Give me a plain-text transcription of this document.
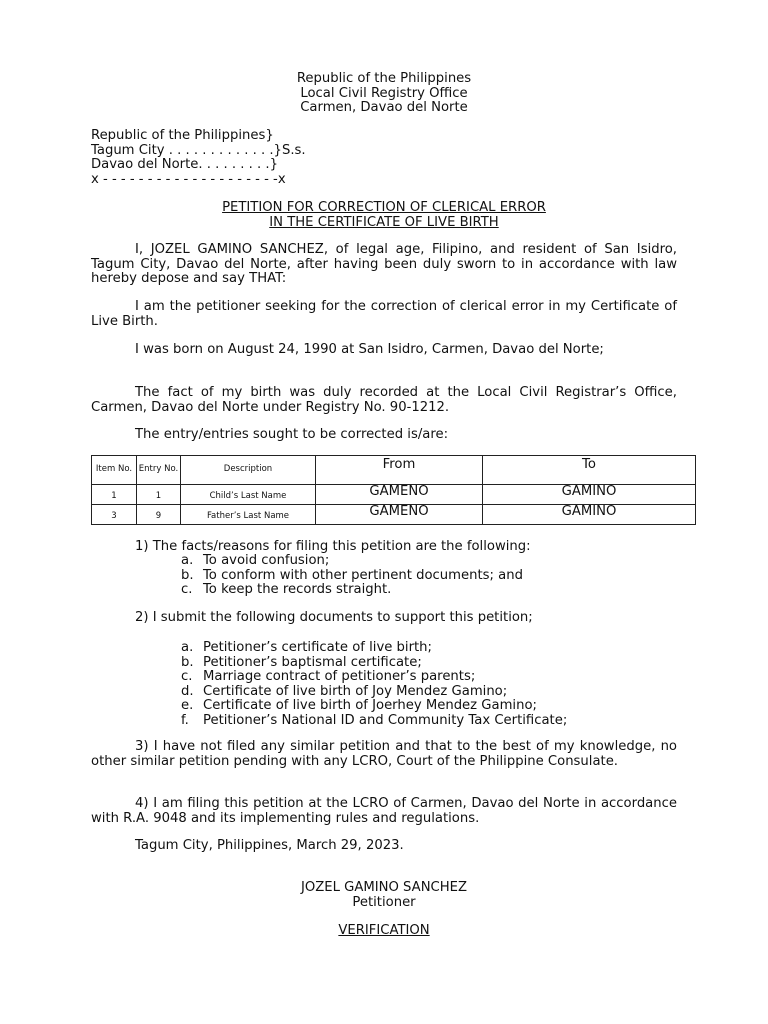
Republic of the Philippines
Local Civil Registry Office
Carmen, Davao del Norte
Republic of the Philippines}
Tagum City . . . . . . . . . . . . .}S.s.
Davao del Norte. . . . . . . . .}
x - - - - - - - - - - - - - - - - - - - -x
PETITION FOR CORRECTION OF CLERICAL ERROR
IN THE CERTIFICATE OF LIVE BIRTH
I, JOZEL GAMINO SANCHEZ, of legal age, Filipino, and resident of San Isidro, Tagum City, Davao del Norte, after having been duly sworn to in accordance with law hereby depose and say THAT:
I am the petitioner seeking for the correction of clerical error in my Certificate of Live Birth.
I was born on August 24, 1990 at San Isidro, Carmen, Davao del Norte;
The fact of my birth was duly recorded at the Local Civil Registrar’s Office, Carmen, Davao del Norte under Registry No. 90-1212.
The entry/entries sought to be corrected is/are:
Item No.	Entry No.	Description	From	To
1	1	Child’s Last Name	GAMENO	GAMINO
3	9	Father’s Last Name	GAMENO	GAMINO
1) The facts/reasons for filing this petition are the following:
a. To avoid confusion;
b. To conform with other pertinent documents; and
c. To keep the records straight.
2) I submit the following documents to support this petition;
a. Petitioner’s certificate of live birth;
b. Petitioner’s baptismal certificate;
c. Marriage contract of petitioner’s parents;
d. Certificate of live birth of Joy Mendez Gamino;
e. Certificate of live birth of Joerhey Mendez Gamino;
f.	Petitioner’s National ID and Community Tax Certificate;
3) I have not filed any similar petition and that to the best of my knowledge, no other similar petition pending with any LCRO, Court of the Philippine Consulate.
4) I am filing this petition at the LCRO of Carmen, Davao del Norte in accordance with R.A. 9048 and its implementing rules and regulations.
Tagum City, Philippines, March 29, 2023.
JOZEL GAMINO SANCHEZ
Petitioner
VERIFICATION
